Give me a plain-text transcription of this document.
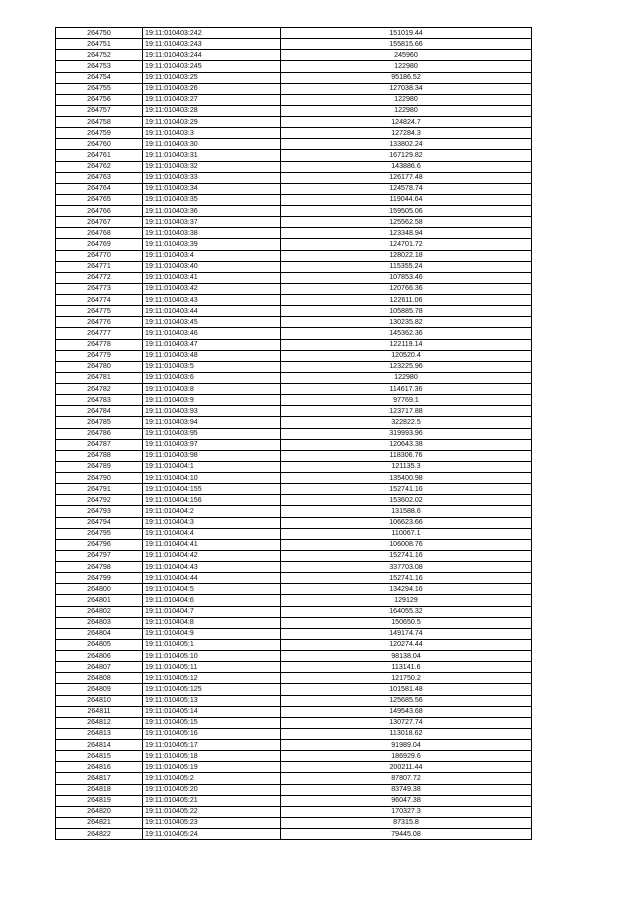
264750	19:11:010403:242	151019.44
264751	19:11:010403:243	155815.66
264752	19:11:010403:244	245960
264753	19:11:010403:245	122980
264754	19:11:010403:25	95186.52
264755	19:11:010403:26	127038.34
264756	19:11:010403:27	122980
264757	19:11:010403:28	122980
264758	19:11:010403:29	124824.7
264759	19:11:010403:3	127284.3
264760	19:11:010403:30	133802.24
264761	19:11:010403:31	167129.82
264762	19:11:010403:32	143886.6
264763	19:11:010403:33	126177.48
264764	19:11:010403:34	124578.74
264765	19:11:010403:35	119044.64
264766	19:11:010403:36	159505.06
264767	19:11:010403:37	125562.58
264768	19:11:010403:38	123348.94
264769	19:11:010403:39	124701.72
264770	19:11:010403:4	128022.18
264771	19:11:010403:40	115355.24
264772	19:11:010403:41	107853.46
264773	19:11:010403:42	120766.36
264774	19:11:010403:43	122611.06
264775	19:11:010403:44	105885.78
264776	19:11:010403:45	130235.82
264777	19:11:010403:46	145362.36
264778	19:11:010403:47	122119.14
264779	19:11:010403:48	120520.4
264780	19:11:010403:5	123225.96
264781	19:11:010403:6	122980
264782	19:11:010403:8	114617.36
264783	19:11:010403:9	97769.1
264784	19:11:010403:93	123717.88
264785	19:11:010403:94	322822.5
264786	19:11:010403:95	319993.96
264787	19:11:010403:97	120643.38
264788	19:11:010403:98	118306.76
264789	19:11:010404:1	121135.3
264790	19:11:010404:10	135400.98
264791	19:11:010404:155	152741.16
264792	19:11:010404:156	153602.02
264793	19:11:010404:2	131588.6
264794	19:11:010404:3	106623.66
264795	19:11:010404:4	110067.1
264796	19:11:010404:41	106008.76
264797	19:11:010404:42	152741.16
264798	19:11:010404:43	337703.08
264799	19:11:010404:44	152741.16
264800	19:11:010404:5	134294.16
264801	19:11:010404:6	129129
264802	19:11:010404:7	164055.32
264803	19:11:010404:8	150650.5
264804	19:11:010404:9	149174.74
264805	19:11:010405:1	120274.44
264806	19:11:010405:10	98138.04
264807	19:11:010405:11	113141.6
264808	19:11:010405:12	121750.2
264809	19:11:010405:125	101581.48
264810	19:11:010405:13	125685.56
264811	19:11:010405:14	149543.68
264812	19:11:010405:15	130727.74
264813	19:11:010405:16	113018.62
264814	19:11:010405:17	91989.04
264815	19:11:010405:18	186929.6
264816	19:11:010405:19	200211.44
264817	19:11:010405:2	87807.72
264818	19:11:010405:20	83749.38
264819	19:11:010405:21	96047.38
264820	19:11:010405:22	170327.3
264821	19:11:010405:23	87315.8
264822	19:11:010405:24	79445.08
